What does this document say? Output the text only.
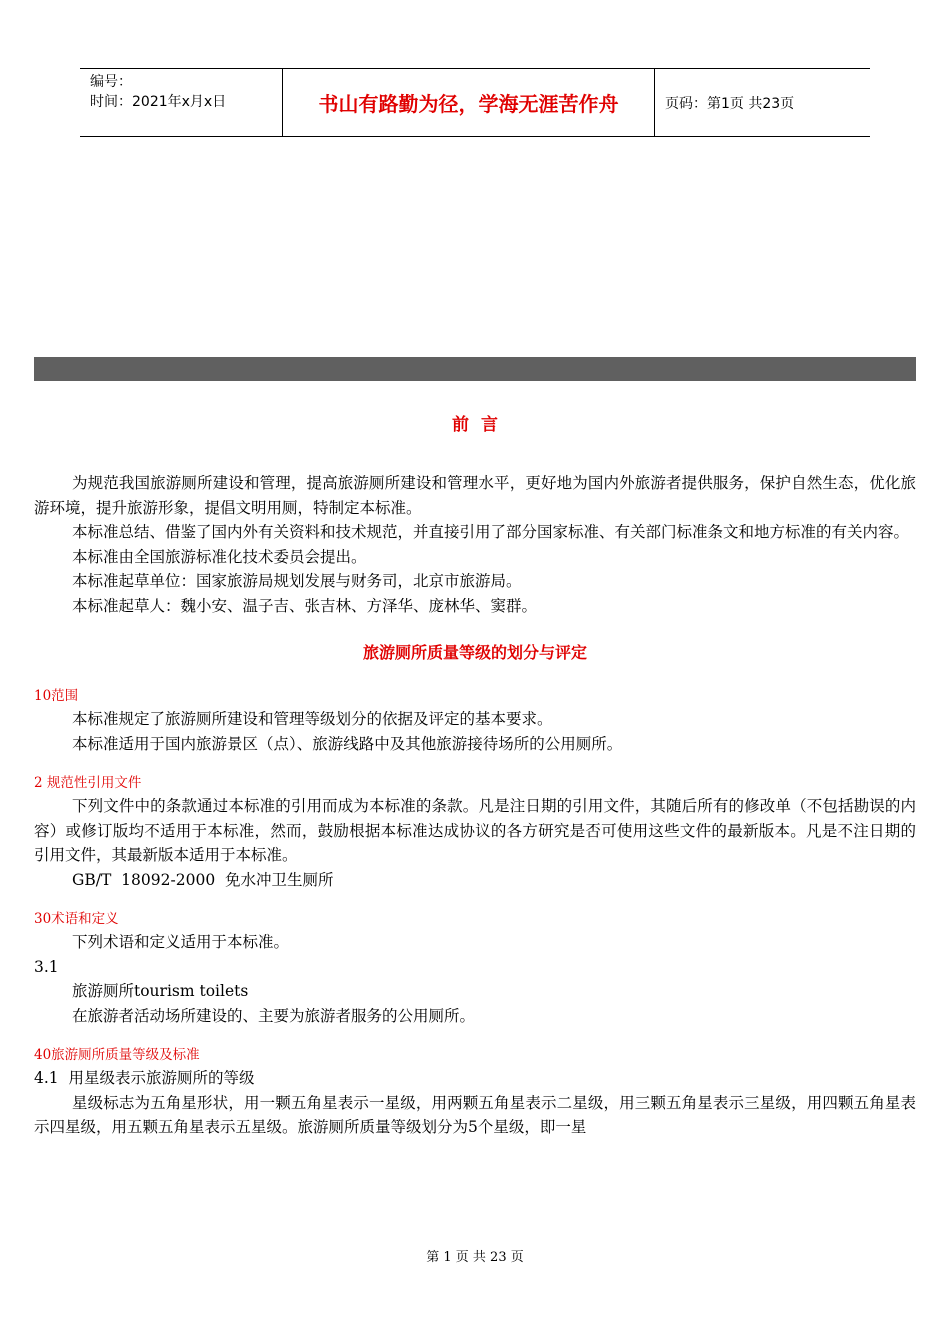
编号：
时间：2021年x月x日	书山有路勤为径，学海无涯苦作舟	页码：第1页 共23页
前言

为规范我国旅游厕所建设和管理，提高旅游厕所建设和管理水平，更好地为国内外旅游者提供服务，保护自然生态，优化旅游环境，提升旅游形象，提倡文明用厕，特制定本标准。

本标准总结、借鉴了国内外有关资料和技术规范，并直接引用了部分国家标准、有关部门标准条文和地方标准的有关内容。

本标准由全国旅游标准化技术委员会提出。

本标准起草单位：国家旅游局规划发展与财务司，北京市旅游局。

本标准起草人：魏小安、温子吉、张吉林、方泽华、庞林华、窦群。

旅游厕所质量等级的划分与评定
10范围

本标准规定了旅游厕所建设和管理等级划分的依据及评定的基本要求。

本标准适用于国内旅游景区（点）、旅游线路中及其他旅游接待场所的公用厕所。

2 规范性引用文件

下列文件中的条款通过本标准的引用而成为本标准的条款。凡是注日期的引用文件，其随后所有的修改单（不包括勘误的内容）或修订版均不适用于本标准，然而，鼓励根据本标准达成协议的各方研究是否可使用这些文件的最新版本。凡是不注日期的引用文件，其最新版本适用于本标准。

GB/T  18092-2000  免水冲卫生厕所

30术语和定义

下列术语和定义适用于本标准。

3.1

旅游厕所tourism toilets

在旅游者活动场所建设的、主要为旅游者服务的公用厕所。

40旅游厕所质量等级及标准

4.1  用星级表示旅游厕所的等级

星级标志为五角星形状，用一颗五角星表示一星级，用两颗五角星表示二星级，用三颗五角星表示三星级，用四颗五角星表示四星级，用五颗五角星表示五星级。旅游厕所质量等级划分为5个星级，即一星

第 1 页 共 23 页
